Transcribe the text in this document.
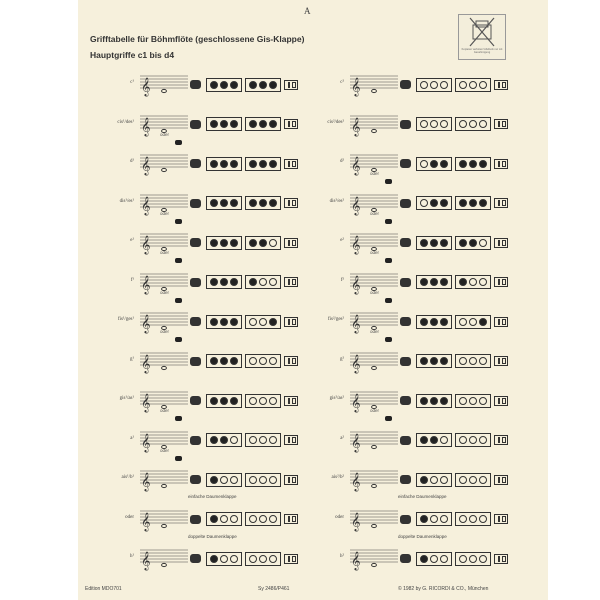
A
Grifftabelle für Böhmflöte (geschlossene Gis-Klappe)
Hauptgriffe c1 bis d4
Kopieren verboten! Abdruck nur mit Genehmigung
c¹ 𝄞
cis¹/des¹ 𝄞 oder
d¹ 𝄞
dis¹/es¹ 𝄞 oder
e¹ 𝄞 oder
f¹ 𝄞 oder
fis¹/ges¹ 𝄞 oder
g¹ 𝄞
gis¹/as¹ 𝄞 oder
a¹ 𝄞 oder
ais¹/b¹ 𝄞
einfache Daumenklappe
oder 𝄞
doppelte Daumenklappe
h¹ 𝄞
c² 𝄞
cis²/des² 𝄞
d² 𝄞 oder
dis²/es² 𝄞 oder
e² 𝄞 oder
f² 𝄞 oder
fis²/ges² 𝄞 oder
g² 𝄞
gis²/as² 𝄞 oder
a² 𝄞
ais²/b² 𝄞
einfache Daumenklappe
oder 𝄞
doppelte Daumenklappe
h² 𝄞
Edition MDO701	Sy 2486/P461	© 1982 by G. RICORDI & CO., München
